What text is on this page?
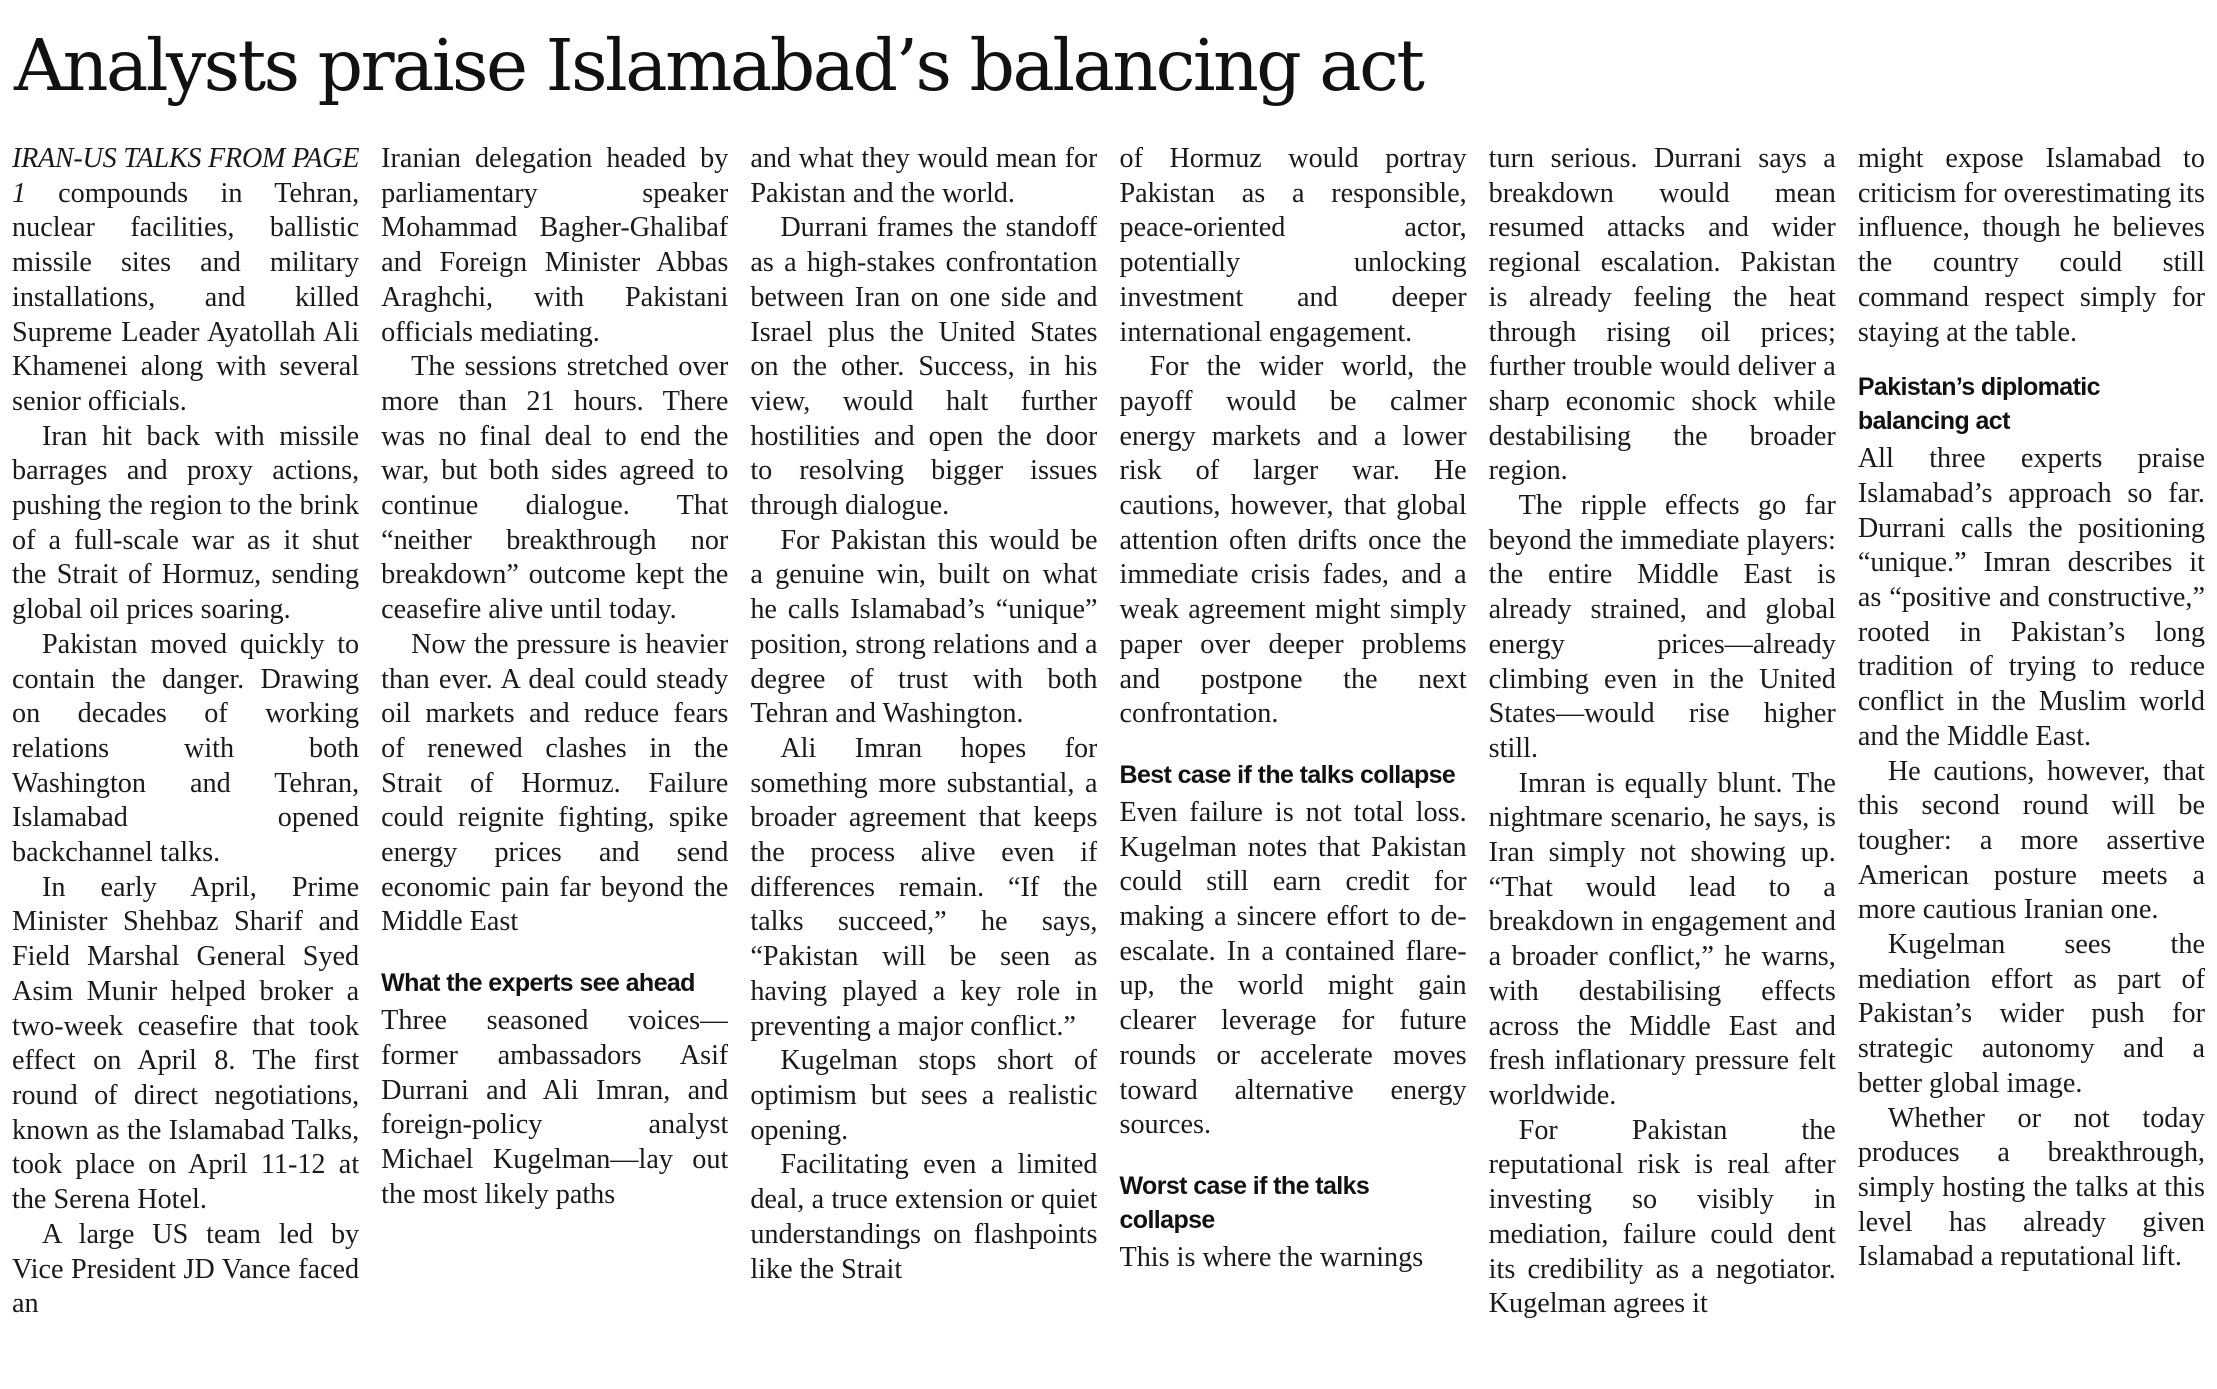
Analysts praise Islamabad’s balancing act

IRAN-US TALKS FROM PAGE 1 compounds in Tehran, nuclear facilities, ballistic missile sites and military installations, and killed Supreme Leader Ayatollah Ali Khamenei along with several senior officials.

Iran hit back with missile barrages and proxy actions, pushing the region to the brink of a full-scale war as it shut the Strait of Hormuz, sending global oil prices soaring.

Pakistan moved quickly to contain the danger. Drawing on decades of working relations with both Washington and Tehran, Islamabad opened backchannel talks.

In early April, Prime Minister Shehbaz Sharif and Field Marshal General Syed Asim Munir helped broker a two-week ceasefire that took effect on April 8. The first round of direct negotiations, known as the Islamabad Talks, took place on April 11-12 at the Serena Hotel.

A large US team led by Vice President JD Vance faced an

Iranian delegation headed by parliamentary speaker Mohammad Bagher-Ghalibaf and Foreign Minister Abbas Araghchi, with Pakistani officials mediating.

The sessions stretched over more than 21 hours. There was no final deal to end the war, but both sides agreed to continue dialogue. That “neither breakthrough nor breakdown” outcome kept the ceasefire alive until today.

Now the pressure is heavier than ever. A deal could steady oil markets and reduce fears of renewed clashes in the Strait of Hormuz. Failure could reignite fighting, spike energy prices and send economic pain far beyond the Middle East

What the experts see ahead

Three seasoned voices—former ambassadors Asif Durrani and Ali Imran, and foreign-policy analyst Michael Kugelman—lay out the most likely paths

and what they would mean for Pakistan and the world.

Durrani frames the standoff as a high-stakes confrontation between Iran on one side and Israel plus the United States on the other. Success, in his view, would halt further hostilities and open the door to resolving bigger issues through dialogue.

For Pakistan this would be a genuine win, built on what he calls Islamabad’s “unique” position, strong relations and a degree of trust with both Tehran and Washington.

Ali Imran hopes for something more substantial, a broader agreement that keeps the process alive even if differences remain. “If the talks succeed,” he says, “Pakistan will be seen as having played a key role in preventing a major conflict.”

Kugelman stops short of optimism but sees a realistic opening.

Facilitating even a limited deal, a truce extension or quiet understandings on flashpoints like the Strait

of Hormuz would portray Pakistan as a responsible, peace-oriented actor, potentially unlocking investment and deeper international engagement.

For the wider world, the payoff would be calmer energy markets and a lower risk of larger war. He cautions, however, that global attention often drifts once the immediate crisis fades, and a weak agreement might simply paper over deeper problems and postpone the next confrontation.

Best case if the talks collapse

Even failure is not total loss. Kugelman notes that Pakistan could still earn credit for making a sincere effort to de-escalate. In a contained flare-up, the world might gain clearer leverage for future rounds or accelerate moves toward alternative energy sources.

Worst case if the talks collapse

This is where the warnings

turn serious. Durrani says a breakdown would mean resumed attacks and wider regional escalation. Pakistan is already feeling the heat through rising oil prices; further trouble would deliver a sharp economic shock while destabilising the broader region.

The ripple effects go far beyond the immediate players: the entire Middle East is already strained, and global energy prices—already climbing even in the United States—would rise higher still.

Imran is equally blunt. The nightmare scenario, he says, is Iran simply not showing up. “That would lead to a breakdown in engagement and a broader conflict,” he warns, with destabilising effects across the Middle East and fresh inflationary pressure felt worldwide.

For Pakistan the reputational risk is real after investing so visibly in mediation, failure could dent its credibility as a negotiator. Kugelman agrees it

might expose Islamabad to criticism for overestimating its influence, though he believes the country could still command respect simply for staying at the table.

Pakistan’s diplomatic balancing act

All three experts praise Islamabad’s approach so far. Durrani calls the positioning “unique.” Imran describes it as “positive and constructive,” rooted in Pakistan’s long tradition of trying to reduce conflict in the Muslim world and the Middle East.

He cautions, however, that this second round will be tougher: a more assertive American posture meets a more cautious Iranian one.

Kugelman sees the mediation effort as part of Pakistan’s wider push for strategic autonomy and a better global image.

Whether or not today produces a breakthrough, simply hosting the talks at this level has already given Islamabad a reputational lift.
